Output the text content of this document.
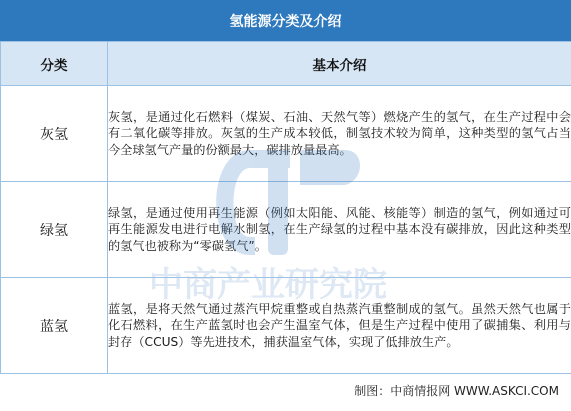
氢能源分类及介绍
分类	基本介绍
灰氢	灰氢，是通过化石燃料（煤炭、石油、天然气等）燃烧产生的氢气，在生产过程中会有二氧化碳等排放。灰氢的生产成本较低，制氢技术较为简单，这种类型的氢气占当今全球氢气产量的份额最大，碳排放量最高。
绿氢	绿氢，是通过使用再生能源（例如太阳能、风能、核能等）制造的氢气，例如通过可再生能源发电进行电解水制氢，在生产绿氢的过程中基本没有碳排放，因此这种类型的氢气也被称为“零碳氢气”。
蓝氢	蓝氢，是将天然气通过蒸汽甲烷重整或自热蒸汽重整制成的氢气。虽然天然气也属于化石燃料，在生产蓝氢时也会产生温室气体，但是生产过程中使用了碳捕集、利用与封存（CCUS）等先进技术，捕获温室气体，实现了低排放生产。
中商产业研究院
制图：中商情报网 WWW.ASKCI.COM
